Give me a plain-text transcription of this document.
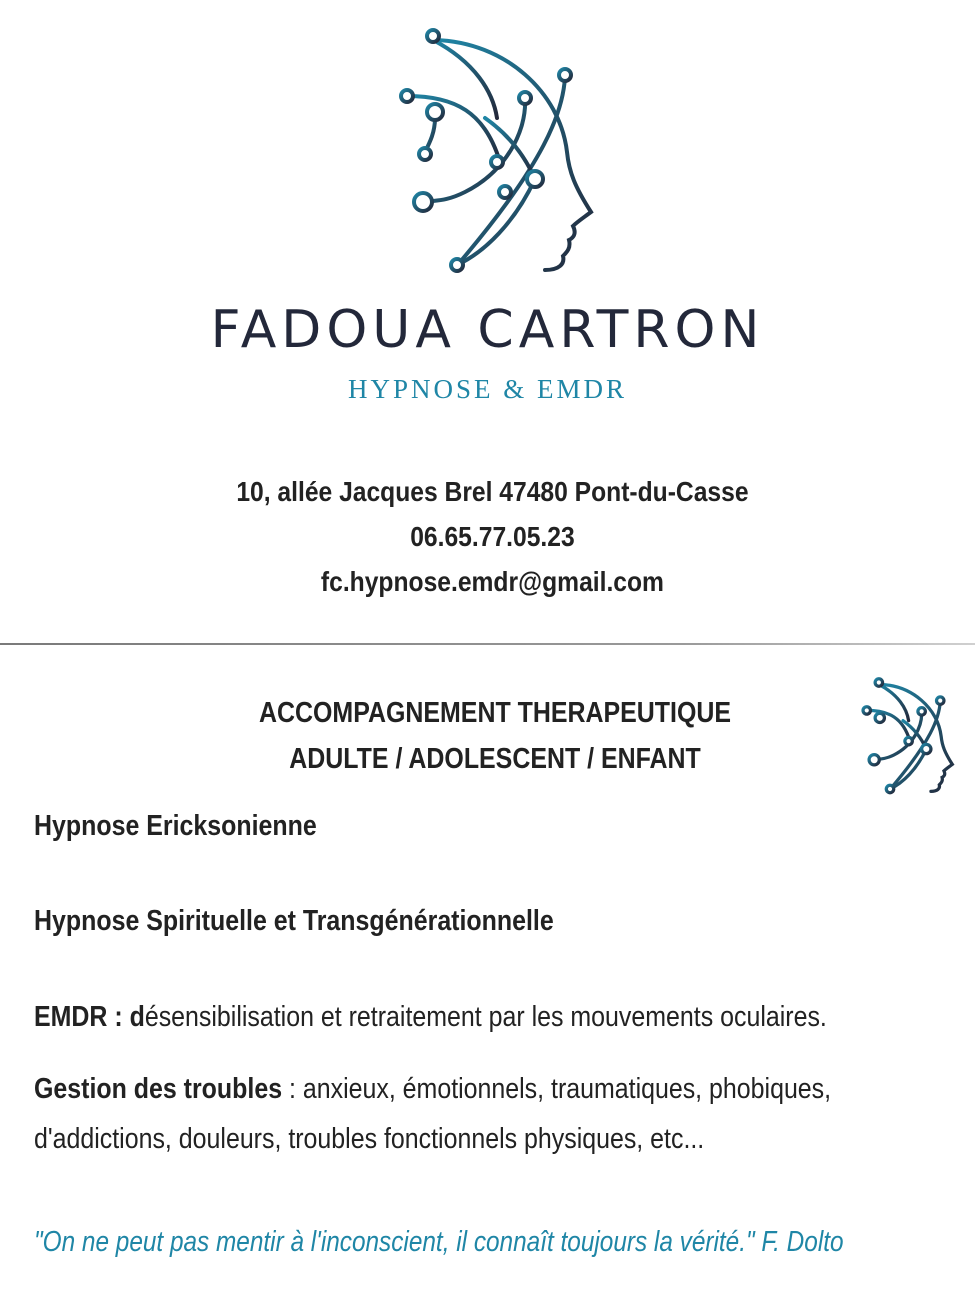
FADOUA CARTRON
HYPNOSE & EMDR
10, allée Jacques Brel 47480 Pont-du-Casse
06.65.77.05.23
fc.hypnose.emdr@gmail.com
ACCOMPAGNEMENT THERAPEUTIQUE
ADULTE / ADOLESCENT / ENFANT
Hypnose Ericksonienne
Hypnose Spirituelle et Transgénérationnelle
EMDR : désensibilisation et retraitement par les mouvements oculaires.
Gestion des troubles : anxieux, émotionnels, traumatiques, phobiques,
d'addictions, douleurs, troubles fonctionnels physiques, etc...
"On ne peut pas mentir à l'inconscient, il connaît toujours la vérité." F. Dolto
